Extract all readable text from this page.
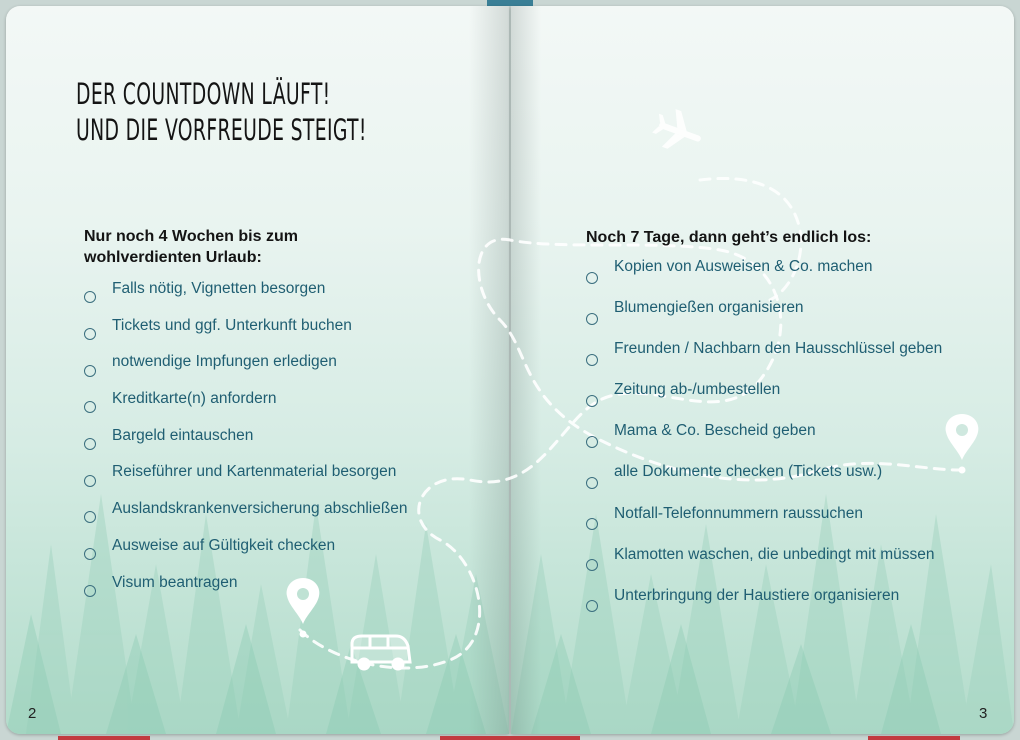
DER COUNTDOWN LÄUFT!
UND DIE VORFREUDE STEIGT!
Nur noch 4 Wochen bis zum
wohlverdienten Urlaub:
Falls nötig, Vignetten besorgen
Tickets und ggf. Unterkunft buchen
notwendige Impfungen erledigen
Kreditkarte(n) anfordern
Bargeld eintauschen
Reiseführer und Kartenmaterial besorgen
Auslandskrankenversicherung abschließen
Ausweise auf Gültigkeit checken
Visum beantragen
2
Noch 7 Tage, dann geht’s endlich los:
Kopien von Ausweisen & Co. machen
Blumengießen organisieren
Freunden / Nachbarn den Hausschlüssel geben
Zeitung ab-/umbestellen
Mama & Co. Bescheid geben
alle Dokumente checken (Tickets usw.)
Notfall-Telefonnummern raussuchen
Klamotten waschen, die unbedingt mit müssen
Unterbringung der Haustiere organisieren
3
